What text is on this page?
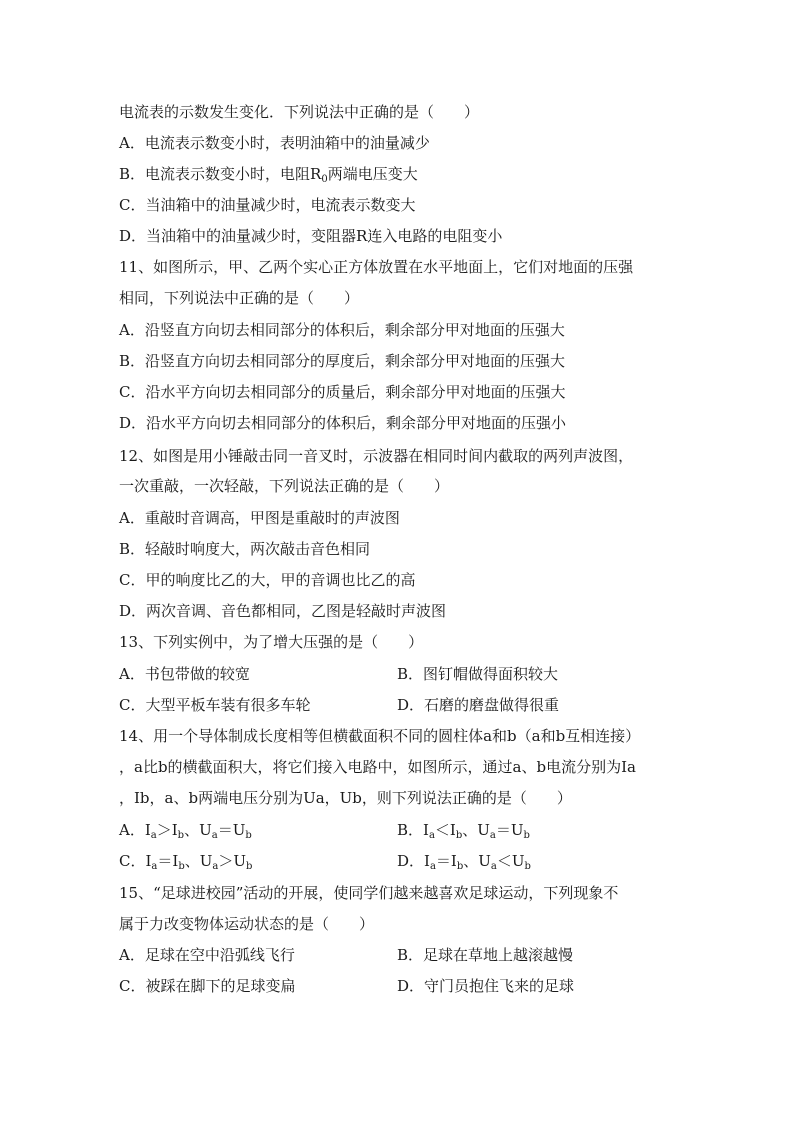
电流表的示数发生变化．下列说法中正确的是（　　）
A．电流表示数变小时，表明油箱中的油量减少
B．电流表示数变小时，电阻$R_0$两端电压变大
C．当油箱中的油量减少时，电流表示数变大
D．当油箱中的油量减少时，变阻器R连入电路的电阻变小
11、如图所示，甲、乙两个实心正方体放置在水平地面上，它们对地面的压强
相同，下列说法中正确的是（　　）
A．沿竖直方向切去相同部分的体积后，剩余部分甲对地面的压强大
B．沿竖直方向切去相同部分的厚度后，剩余部分甲对地面的压强大
C．沿水平方向切去相同部分的质量后，剩余部分甲对地面的压强大
D．沿水平方向切去相同部分的体积后，剩余部分甲对地面的压强小
12、如图是用小锤敲击同一音叉时，示波器在相同时间内截取的两列声波图，
一次重敲，一次轻敲，下列说法正确的是（　　）
A．重敲时音调高，甲图是重敲时的声波图
B．轻敲时响度大，两次敲击音色相同
C．甲的响度比乙的大，甲的音调也比乙的高
D．两次音调、音色都相同，乙图是轻敲时声波图
13、下列实例中，为了增大压强的是（　　）
A．书包带做的较宽	B．图钉帽做得面积较大
C．大型平板车装有很多车轮	D．石磨的磨盘做得很重
14、用一个导体制成长度相等但横截面积不同的圆柱体a和b（a和b互相连接）
，a比b的横截面积大，将它们接入电路中，如图所示，通过a、b电流分别为Ia
，Ib，a、b两端电压分别为Ua，Ub，则下列说法正确的是（　　）
A．$I_a>I_b$、$U_a=U_b$	B．$I_a<I_b$、$U_a=U_b$
C．$I_a=I_b$、$U_a>U_b$	D．$I_a=I_b$、$U_a<U_b$
15、“足球进校园”活动的开展，使同学们越来越喜欢足球运动，下列现象不
属于力改变物体运动状态的是（　　）
A．足球在空中沿弧线飞行	B．足球在草地上越滚越慢
C．被踩在脚下的足球变扁	D．守门员抱住飞来的足球
